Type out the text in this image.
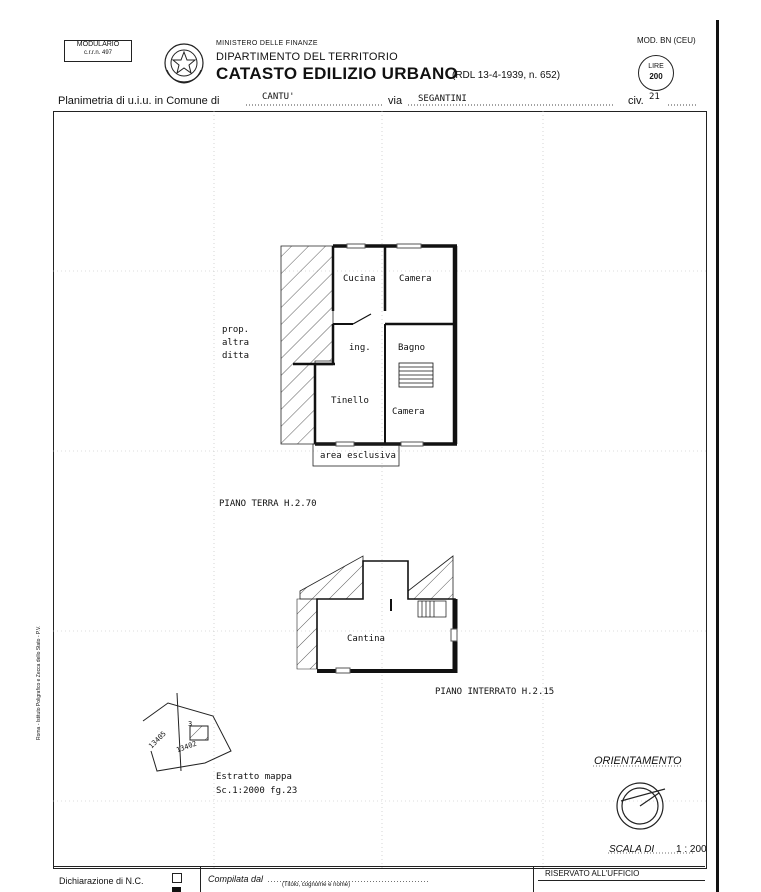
MODULARIO
c.r.r.n. 497
MINISTERO DELLE FINANZE
DIPARTIMENTO DEL TERRITORIO
CATASTO EDILIZIO URBANO
(RDL 13-4-1939, n. 652)
MOD. BN (CEU)
LIRE
200
Planimetria di u.i.u. in Comune di	CANTU'	via SEGANTINI	civ. 21
Cucina	Camera
ing.	Bagno
Tinello
Camera
Cantina
prop.
altra
ditta
area esclusiva
PIANO TERRA H.2.70
PIANO INTERRATO H.2.15
Estratto mappa
Sc.1:2000 fg.23
13405 13402
3
ORIENTAMENTO
SCALA DI 1 : 200
Roma - Istituto Poligrafico e Zecca dello Stato - P.V.
Dichiarazione di N.C.	Compilata dal
(Titolo, cognome e nome)
RISERVATO ALL'UFFICIO
